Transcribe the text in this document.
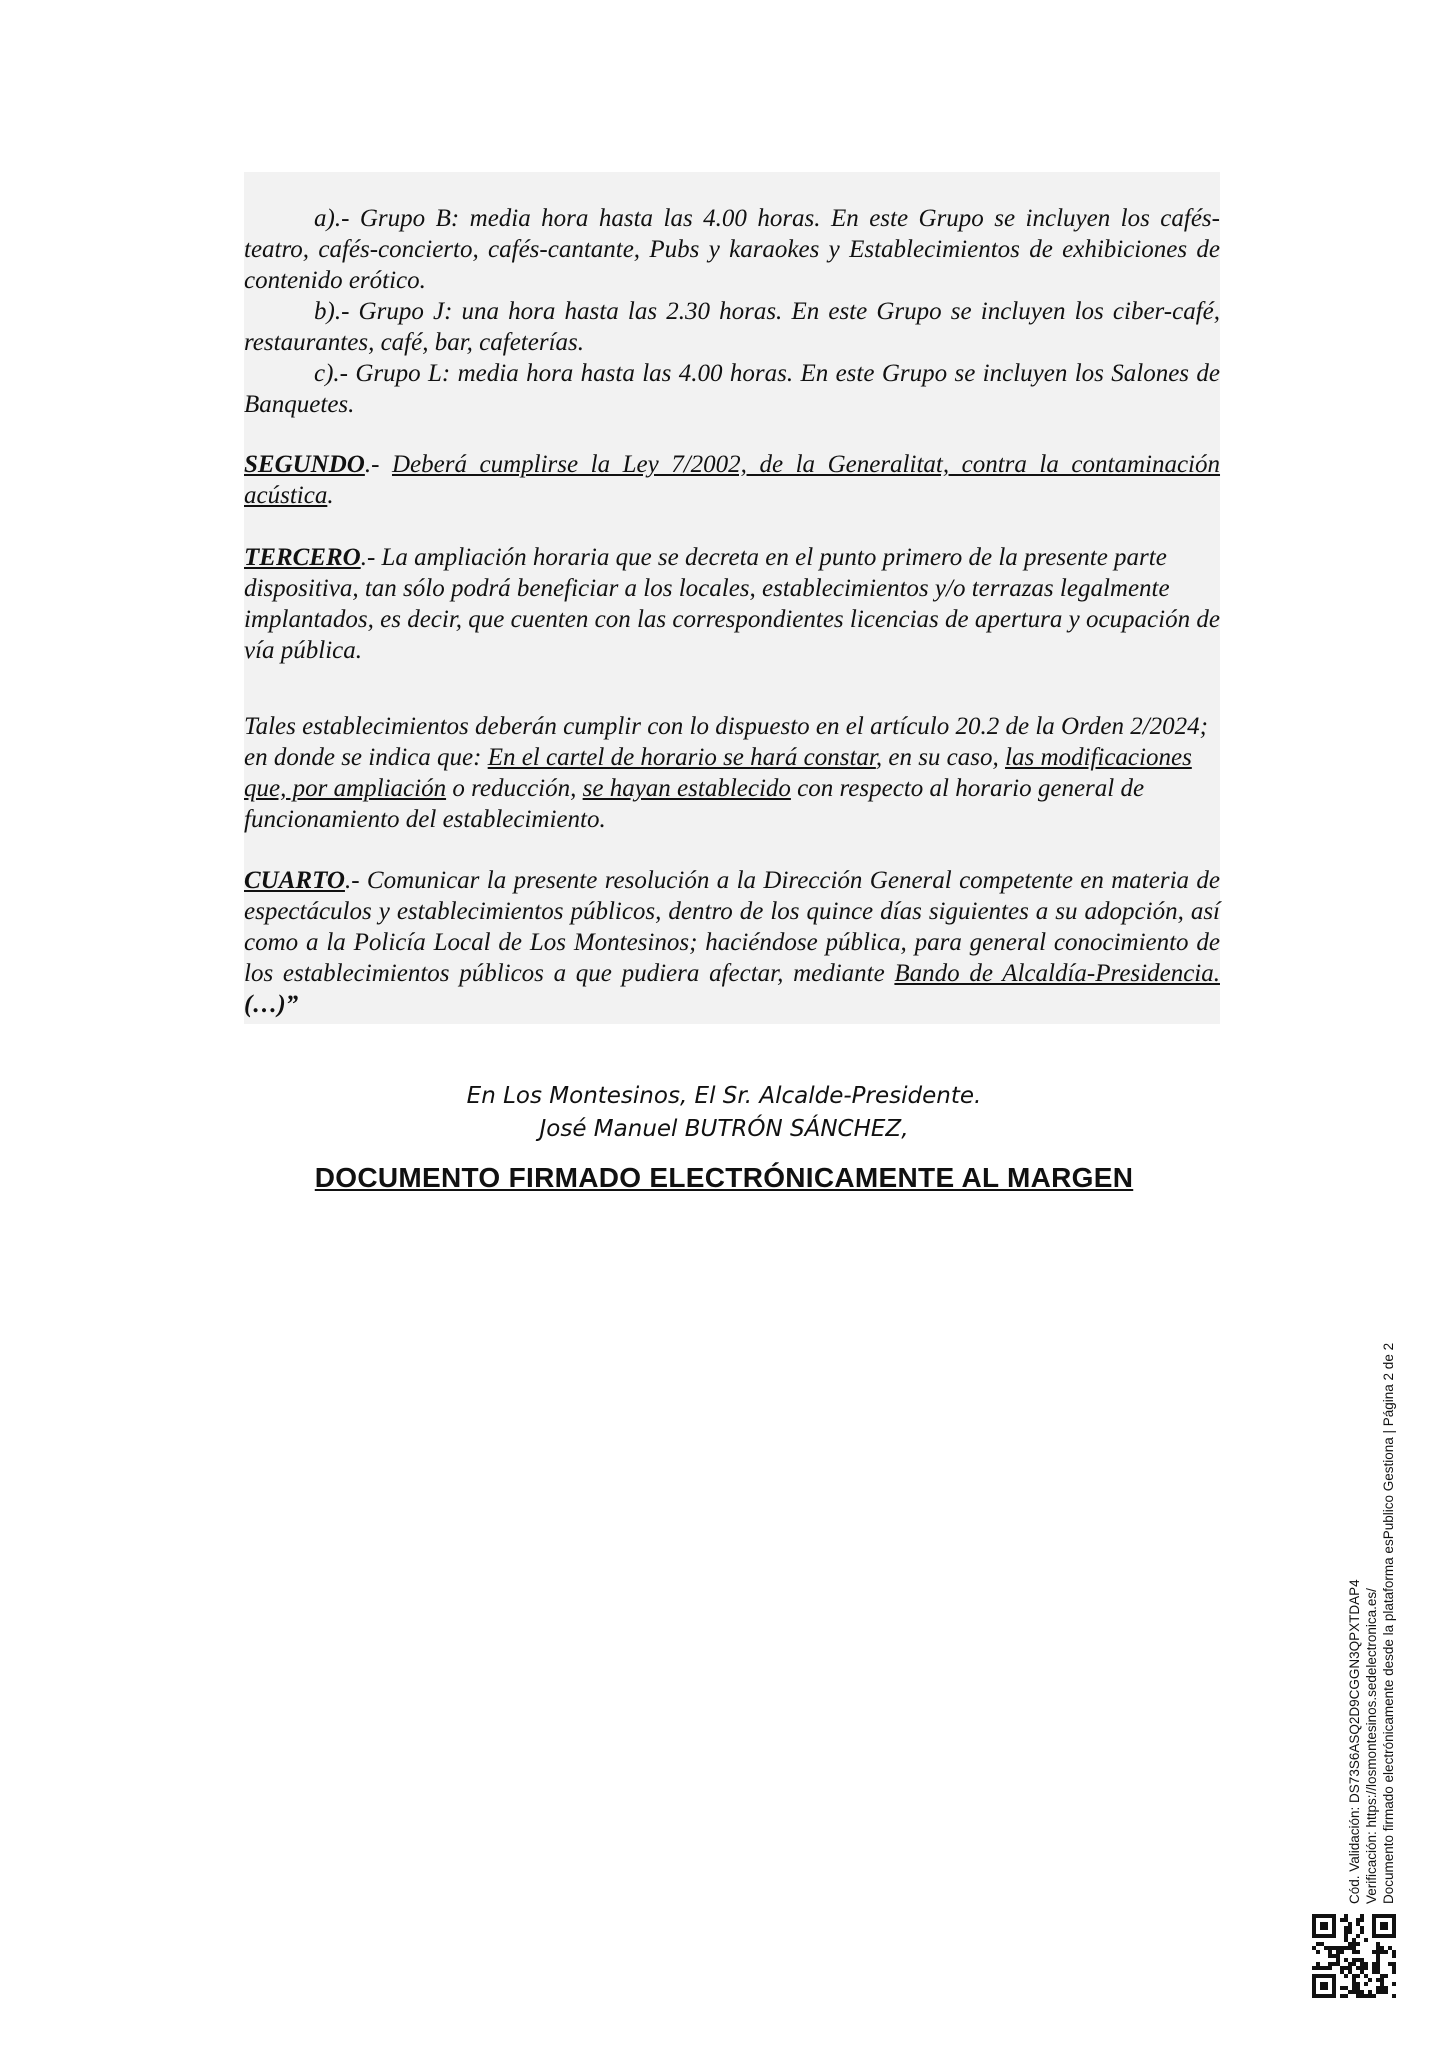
a).- Grupo B: media hora hasta las 4.00 horas. En este Grupo se incluyen los cafés-teatro, cafés-concierto, cafés-cantante, Pubs y karaokes y Establecimientos de exhibiciones de contenido erótico.

b).- Grupo J: una hora hasta las 2.30 horas. En este Grupo se incluyen los ciber-café, restaurantes, café, bar, cafeterías.

c).- Grupo L: media hora hasta las 4.00 horas. En este Grupo se incluyen los Salones de Banquetes.

SEGUNDO.- Deberá cumplirse la Ley 7/2002, de la Generalitat, contra la contaminación acústica.

TERCERO.- La ampliación horaria que se decreta en el punto primero de la presente parte dispositiva, tan sólo podrá beneficiar a los locales, establecimientos y/o terrazas legalmente implantados, es decir, que cuenten con las correspondientes licencias de apertura y ocupación de vía pública.

Tales establecimientos deberán cumplir con lo dispuesto en el artículo 20.2 de la Orden 2/2024; en donde se indica que: En el cartel de horario se hará constar, en su caso, las modificaciones que, por ampliación o reducción, se hayan establecido con respecto al horario general de funcionamiento del establecimiento.

CUARTO.- Comunicar la presente resolución a la Dirección General competente en materia de espectáculos y establecimientos públicos, dentro de los quince días siguientes a su adopción, así como a la Policía Local de Los Montesinos; haciéndose pública, para general conocimiento de los establecimientos públicos a que pudiera afectar, mediante Bando de Alcaldía-Presidencia. (…)”

En Los Montesinos, El Sr. Alcalde-Presidente.
José Manuel BUTRÓN SÁNCHEZ,
DOCUMENTO FIRMADO ELECTRÓNICAMENTE AL MARGEN
Cód. Validación: DS73S6ASQ2D9CGGN3QPXTDAP4 Verificación: https://losmontesinos.sedelectronica.es/ Documento firmado electrónicamente desde la plataforma esPublico Gestiona | Página 2 de 2
